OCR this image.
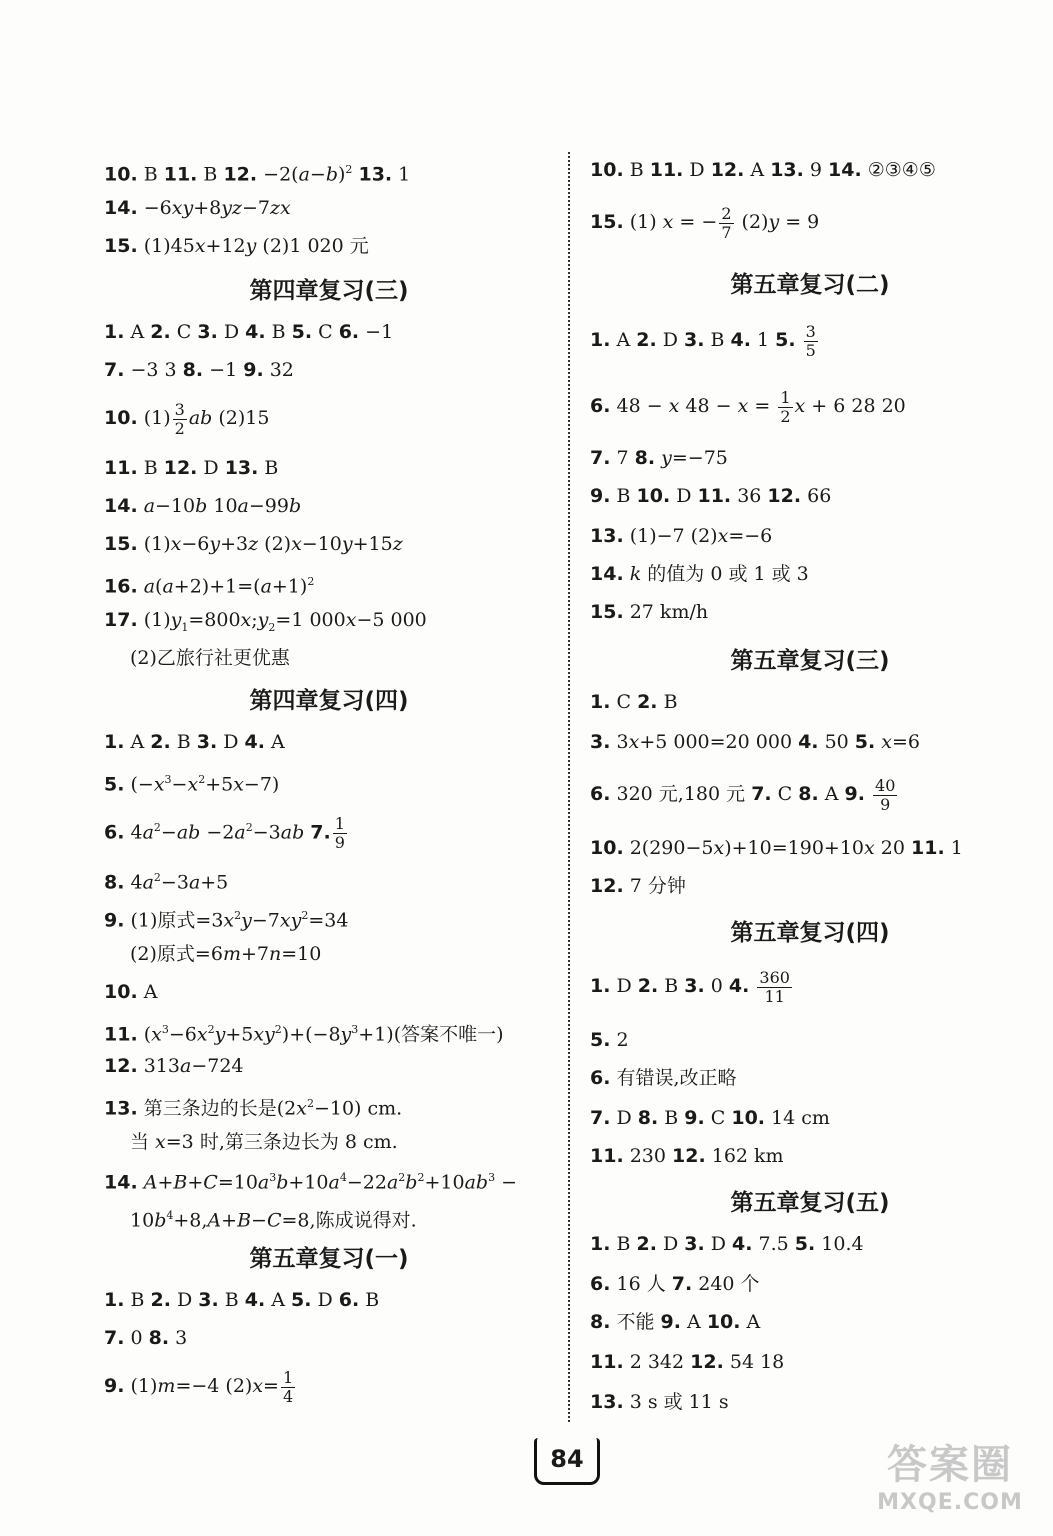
10. B 11. B 12. $-2(a-b)^2$ 13. 1
14. −6xy+8yz−7zx
15. (1)45x+12y (2)1 020 元
第四章复习(三)
1. A 2. C 3. D 4. B 5. C 6. −1
7. −3 3 8. −1 9. 32
10. $(1) \frac{3}{2}$ ab (2)15
11. B 12. D 13. B
14. a−10b 10a−99b
15. (1)x−6y+3z (2)x−10y+15z
16. $a(a+2)+1=(a+1)^2$
17. $(1)y_1=800x;y_2=1$ 000x−5 000
(2)乙旅行社更优惠
第四章复习(四)
1. A 2. B 3. D 4. A
5. $(-x^3-x^2+5x-7)$
6. $4a^2-ab -2a^2-3ab$ 7. $\frac{1}{9}$
8. $4a^2-3a+5$
9. (1)原式$=3x^2y-7xy^2=34$
(2)原式=6m+7n=10
10. A
11. $(x^3-6x^2y+5xy^2)+(-8y^3+1)$(答案不唯一)
12. 313a−724
13. 第三条边的长是$(2x^2-10)$ cm.
当 x=3 时,第三条边长为 8 cm.
14. $A+B+C=10a^3b+10a^4-22a^2b^2+10ab^3$ −
$10b^4+8,A+B-C=8$,陈成说得对.
第五章复习(一)
1. B 2. D 3. B 4. A 5. D 6. B
7. 0 8. 3
9. (1)m=−4 $(2)x= \frac{1}{4}$
10. B 11. D 12. A 13. 9 14. ②③④⑤
15. (1) x = − $\frac{2}{7} (2)y = 9$
第五章复习(二)
1. A 2. D 3. B 4. 1 5. $\frac{3}{5}$
6. 48 − x $48 - x = \frac{1}{2}$ x + 6 28 20
7. 7 8. y=−75
9. B 10. D 11. 36 12. 66
13. (1)−7 (2)x=−6
14. k 的值为 0 或 1 或 3
15. 27 km/h
第五章复习(三)
1. C 2. B
3. 3x+5 000=20 000 4. 50 5. x=6
6. 320 元,180 元 7. C 8. A 9. $\frac{40}{9}$
10. 2(290−5x)+10=190+10x 20 11. 1
12. 7 分钟
第五章复习(四)
1. D 2. B 3. 0 4. $\frac{360}{11}$
5. 2
6. 有错误,改正略
7. D 8. B 9. C 10. 14 cm
11. 230 12. 162 km
第五章复习(五)
1. B 2. D 3. D 4. 7.5 5. 10.4
6. 16 人 7. 240 个
8. 不能 9. A 10. A
11. 2 342 12. 54 18
13. 3 s 或 11 s
84	答案圈
MXQE.COM
